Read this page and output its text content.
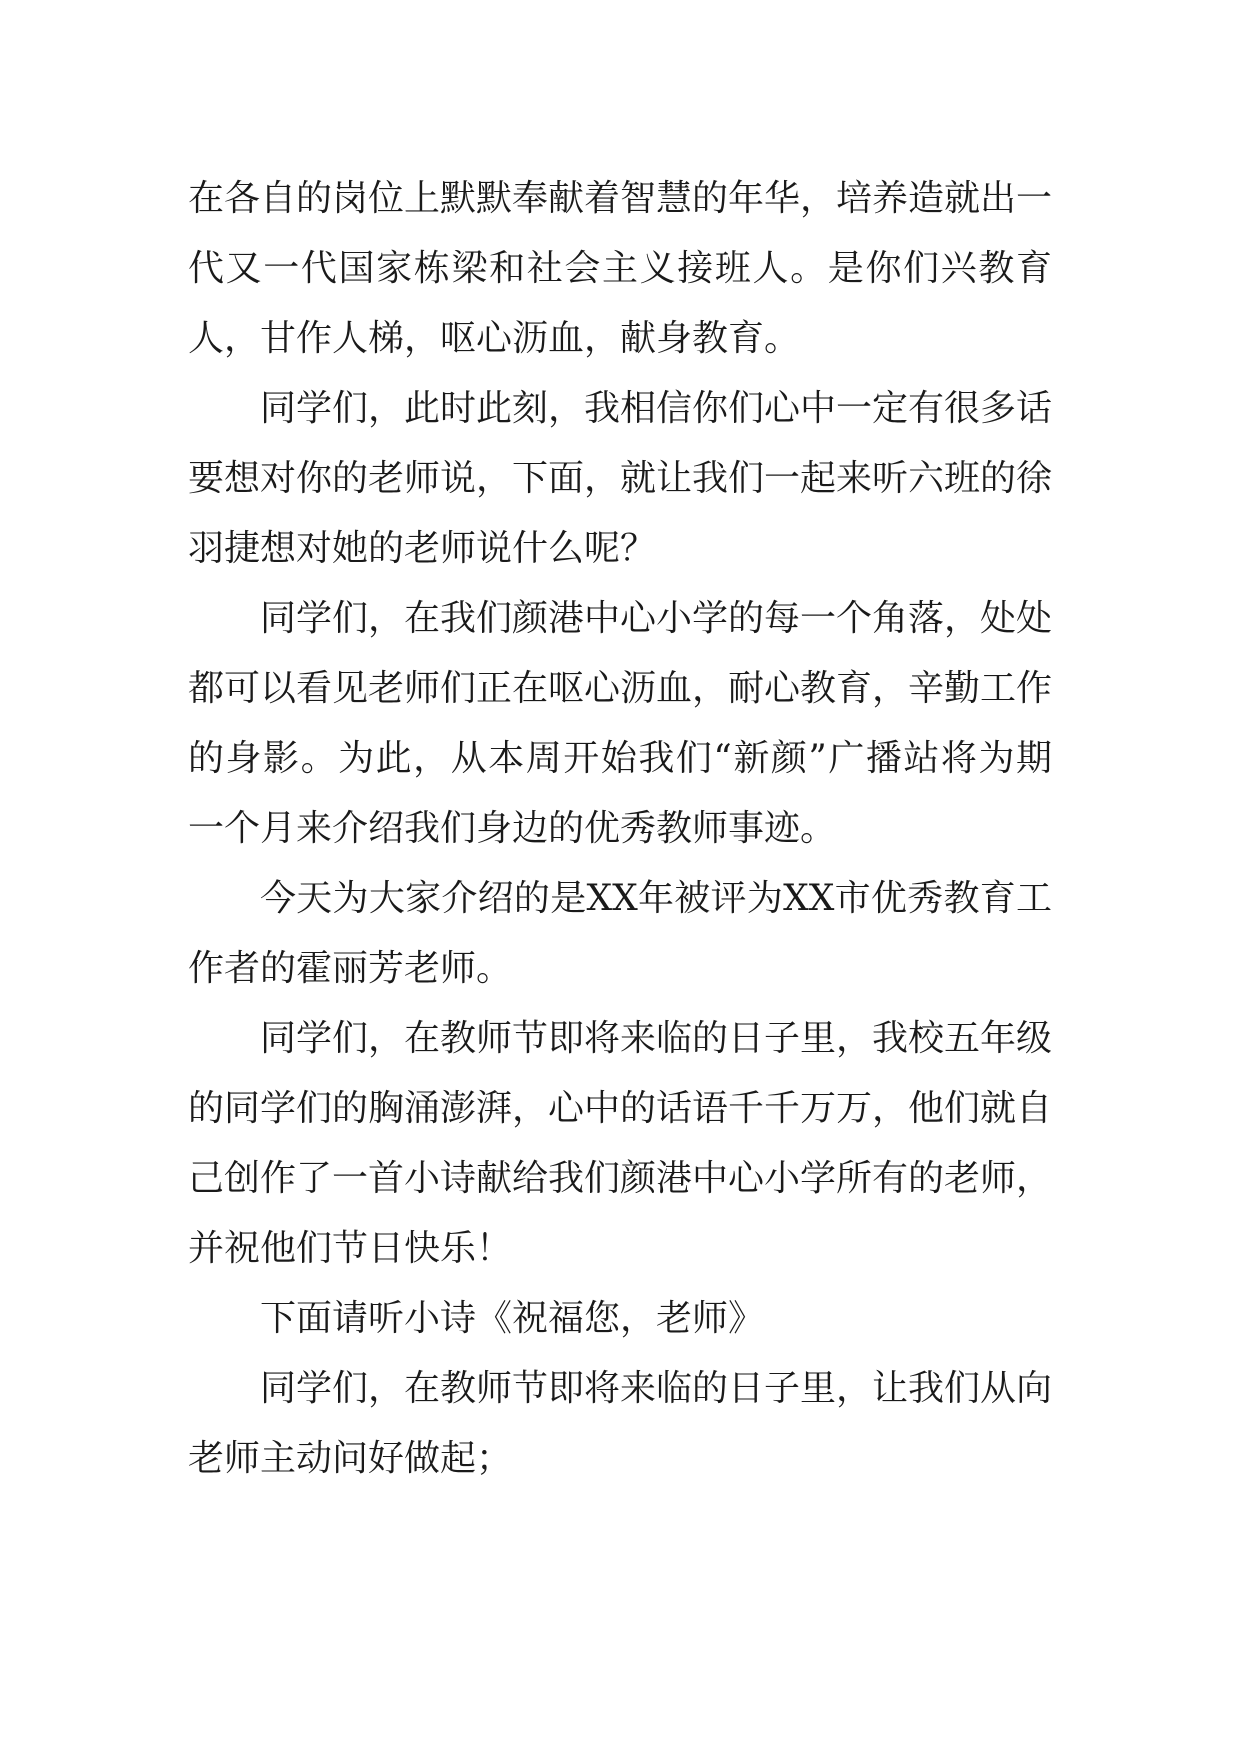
在各自的岗位上默默奉献着智慧的年华，培养造就出一代又一代国家栋梁和社会主义接班人。是你们兴教育人，甘作人梯，呕心沥血，献身教育。

同学们，此时此刻，我相信你们心中一定有很多话要想对你的老师说，下面，就让我们一起来听六班的徐羽捷想对她的老师说什么呢？

同学们，在我们颜港中心小学的每一个角落，处处都可以看见老师们正在呕心沥血，耐心教育，辛勤工作的身影。为此，从本周开始我们“新颜”广播站将为期一个月来介绍我们身边的优秀教师事迹。

今天为大家介绍的是XX年被评为XX市优秀教育工作者的霍丽芳老师。

同学们，在教师节即将来临的日子里，我校五年级的同学们的胸涌澎湃，心中的话语千千万万，他们就自己创作了一首小诗献给我们颜港中心小学所有的老师，并祝他们节日快乐！

下面请听小诗《祝福您，老师》

同学们，在教师节即将来临的日子里，让我们从向老师主动问好做起；
